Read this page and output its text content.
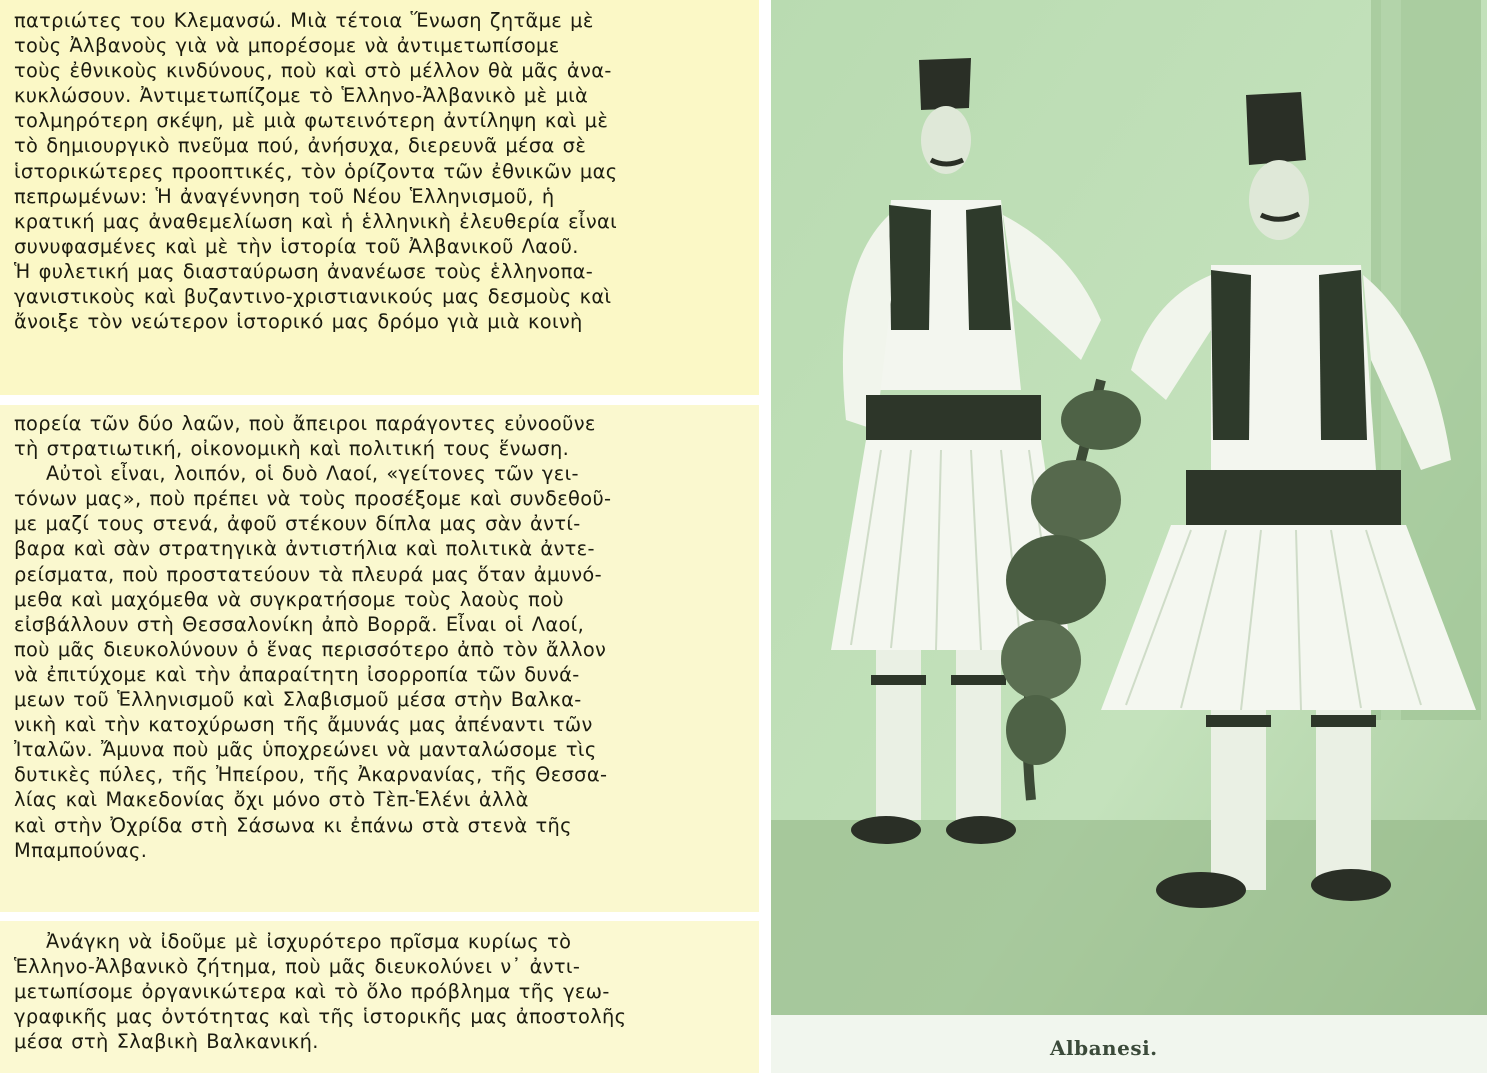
πατριώτες του Κλεμανσώ. Μιὰ τέτοια Ἕνωση ζητᾶμε μὲ
τοὺς Ἀλβανοὺς γιὰ νὰ μπορέσομε νὰ ἀντιμετωπίσομε
τοὺς ἐθνικοὺς κινδύνους, ποὺ καὶ στὸ μέλλον θὰ μᾶς ἀνα-
κυκλώσουν. Ἀντιμετωπίζομε τὸ Ἑλληνο-Ἀλβανικὸ μὲ μιὰ
τολμηρότερη σκέψη, μὲ μιὰ φωτεινότερη ἀντίληψη καὶ μὲ
τὸ δημιουργικὸ πνεῦμα πού, ἀνήσυχα, διερευνᾶ μέσα σὲ
ἱστορικώτερες προοπτικές, τὸν ὁρίζοντα τῶν ἐθνικῶν μας
πεπρωμένων: Ἡ ἀναγέννηση τοῦ Νέου Ἑλληνισμοῦ, ἡ
κρατική μας ἀναθεμελίωση καὶ ἡ ἑλληνικὴ ἐλευθερία εἶναι
συνυφασμένες καὶ μὲ τὴν ἱστορία τοῦ Ἀλβανικοῦ Λαοῦ.
Ἡ φυλετική μας διασταύρωση ἀνανέωσε τοὺς ἑλληνοπα-
γανιστικοὺς καὶ βυζαντινο-χριστιανικούς μας δεσμοὺς καὶ
ἄνοιξε τὸν νεώτερον ἱστορικό μας δρόμο γιὰ μιὰ κοινὴ
πορεία τῶν δύο λαῶν, ποὺ ἄπειροι παράγοντες εὐνοοῦνε
τὴ στρατιωτική, οἰκονομικὴ καὶ πολιτική τους ἕνωση.
Αὐτοὶ εἶναι, λοιπόν, οἱ δυὸ Λαοί, «γείτονες τῶν γει-
τόνων μας», ποὺ πρέπει νὰ τοὺς προσέξομε καὶ συνδεθοῦ-
με μαζί τους στενά, ἀφοῦ στέκουν δίπλα μας σὰν ἀντί-
βαρα καὶ σὰν στρατηγικὰ ἀντιστήλια καὶ πολιτικὰ ἀντε-
ρείσματα, ποὺ προστατεύουν τὰ πλευρά μας ὅταν ἀμυνό-
μεθα καὶ μαχόμεθα νὰ συγκρατήσομε τοὺς λαοὺς ποὺ
εἰσβάλλουν στὴ Θεσσαλονίκη ἀπὸ Βορρᾶ. Εἶναι οἱ Λαοί,
ποὺ μᾶς διευκολύνουν ὁ ἕνας περισσότερο ἀπὸ τὸν ἄλλον
νὰ ἐπιτύχομε καὶ τὴν ἀπαραίτητη ἰσορροπία τῶν δυνά-
μεων τοῦ Ἑλληνισμοῦ καὶ Σλαβισμοῦ μέσα στὴν Βαλκα-
νικὴ καὶ τὴν κατοχύρωση τῆς ἄμυνάς μας ἀπέναντι τῶν
Ἰταλῶν. Ἄμυνα ποὺ μᾶς ὑποχρεώνει νὰ μανταλώσομε τὶς
δυτικὲς πύλες, τῆς Ἠπείρου, τῆς Ἀκαρνανίας, τῆς Θεσσα-
λίας καὶ Μακεδονίας ὄχι μόνο στὸ Τὲπ-Ἑλένι ἀλλὰ
καὶ στὴν Ὀχρίδα στὴ Σάσωνα κι ἐπάνω στὰ στενὰ τῆς
Μπαμπούνας.
Ἀνάγκη νὰ ἰδοῦμε μὲ ἰσχυρότερο πρῖσμα κυρίως τὸ
Ἑλληνο-Ἀλβανικὸ ζήτημα, ποὺ μᾶς διευκολύνει ν᾿ ἀντι-
μετωπίσομε ὀργανικώτερα καὶ τὸ ὅλο πρόβλημα τῆς γεω-
γραφικῆς μας ὀντότητας καὶ τῆς ἱστορικῆς μας ἀποστολῆς
μέσα στὴ Σλαβικὴ Βαλκανική.	Albanesi.
